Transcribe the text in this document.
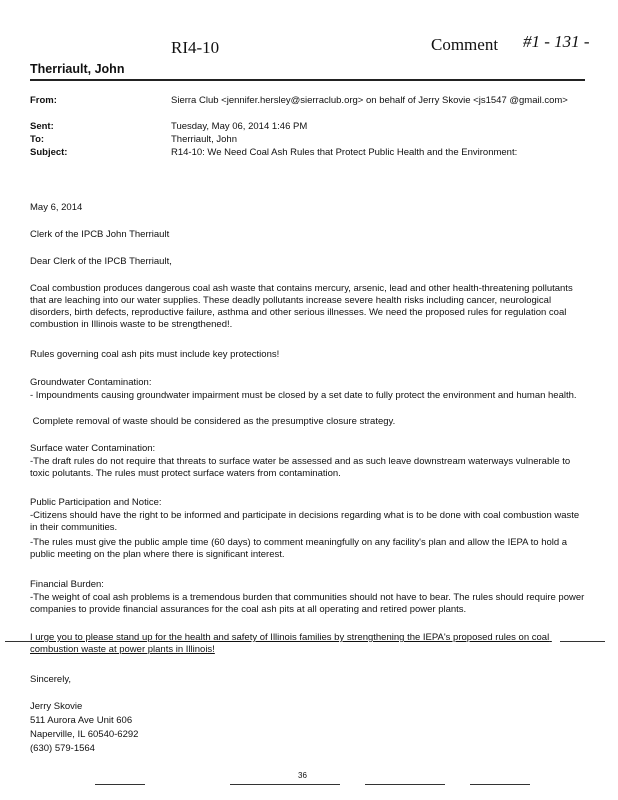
RI4-10	Comment #1 - 131 -
Therriault, John
From:	Sierra Club <jennifer.hersley@sierraclub.org> on behalf of Jerry Skovie <js1547 @gmail.com>
Sent:	Tuesday, May 06, 2014 1:46 PM
To:	Therriault, John
Subject:	R14-10: We Need Coal Ash Rules that Protect Public Health and the Environment:
May 6, 2014
Clerk of the IPCB John Therriault
Dear Clerk of the IPCB Therriault,
Coal combustion produces dangerous coal ash waste that contains mercury, arsenic, lead and other health-threatening pollutants that are leaching into our water supplies. These deadly pollutants increase severe health risks including cancer, neurological disorders, birth defects, reproductive failure, asthma and other serious illnesses. We need the proposed rules for regulation coal combustion in Illinois waste to be strengthened!.
Rules governing coal ash pits must include key protections!
Groundwater Contamination:
- Impoundments causing groundwater impairment must be closed by a set date to fully protect the environment and human health.
Complete removal of waste should be considered as the presumptive closure strategy.
Surface water Contamination:
-The draft rules do not require that threats to surface water be assessed and as such leave downstream waterways vulnerable to toxic polutants. The rules must protect surface waters from contamination.
Public Participation and Notice:
-Citizens should have the right to be informed and participate in decisions regarding what is to be done with coal combustion waste in their communities.
-The rules must give the public ample time (60 days) to comment meaningfully on any facility's plan and allow the IEPA to hold a public meeting on the plan where there is significant interest.
Financial Burden:
-The weight of coal ash problems is a tremendous burden that communities should not have to bear. The rules should require power companies to provide financial assurances for the coal ash pits at all operating and retired power plants.
I urge you to please stand up for the health and safety of Illinois families by strengthening the IEPA's proposed rules on coal combustion waste at power plants in Illinois!
Sincerely,
Jerry Skovie
511 Aurora Ave Unit 606
Naperville, IL 60540-6292
(630) 579-1564
36
